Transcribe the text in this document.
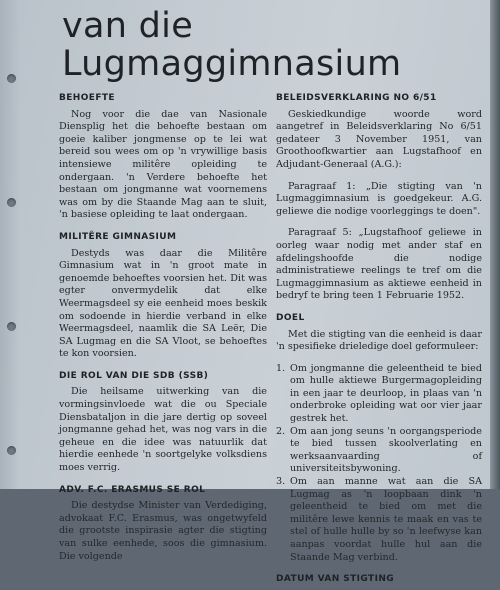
van die
Lugmaggimnasium
BEHOEFTE

Nog voor die dae van Nasionale Diensplig het die behoefte bestaan om goeie kaliber jongmense op te lei wat bereid sou wees om op 'n vrywillige basis intensiewe militêre opleiding te ondergaan. 'n Verdere behoefte het bestaan om jongmanne wat voornemens was om by die Staande Mag aan te sluit, 'n basiese opleiding te laat ondergaan.

MILITÊRE GIMNASIUM

Destyds was daar die Militêre Gimnasium wat in 'n groot mate in genoemde behoeftes voorsien het. Dit was egter onvermydelik dat elke Weermagsdeel sy eie eenheid moes beskik om sodoende in hierdie verband in elke Weermagsdeel, naamlik die SA Leër, Die SA Lugmag en die SA Vloot, se behoeftes te kon voorsien.

DIE ROL VAN DIE SDB (SSB)

Die heilsame uitwerking van die vormingsinvloede wat die ou Speciale Diensbataljon in die jare dertig op soveel jongmanne gehad het, was nog vars in die geheue en die idee was natuurlik dat hierdie eenhede 'n soortgelyke volksdiens moes verrig.

ADV. F.C. ERASMUS SE ROL

Die destydse Minister van Verdediging, advokaat F.C. Erasmus, was ongetwyfeld die grootste inspirasie agter die stigting van sulke eenhede, soos die gimnasium. Die volgende

BELEIDSVERKLARING NO 6/51

Geskiedkundige woorde word aangetref in Beleidsverklaring No 6/51 gedateer 3 November 1951, van Groothoofkwartier aan Lugstafhoof en Adjudant-Generaal (A.G.):

Paragraaf 1: „Die stigting van 'n Lugmaggimnasium is goedgekeur. A.G. geliewe die nodige voorleggings te doen".

Paragraaf 5: „Lugstafhoof geliewe in oorleg waar nodig met ander staf en afdelingshoofde die nodige administratiewe reelings te tref om die Lugmaggimnasium as aktiewe eenheid in bedryf te bring teen 1 Februarie 1952.

DOEL

Met die stigting van die eenheid is daar 'n spesifieke drieledige doel geformuleer:

1. Om jongmanne die geleentheid te bied om hulle aktiewe Burgermagopleiding in een jaar te deurloop, in plaas van 'n onderbroke opleiding wat oor vier jaar gestrek het.
2. Om aan jong seuns 'n oorgangsperiode te bied tussen skoolverlating en werksaanvaarding of universiteitsbywoning.
3. Om aan manne wat aan die SA Lugmag as 'n loopbaan dink 'n geleentheid te bied om met die militêre lewe kennis te maak en vas te stel of hulle hulle by so 'n leefwyse kan aanpas voordat hulle hul aan die Staande Mag verbind.
DATUM VAN STIGTING
